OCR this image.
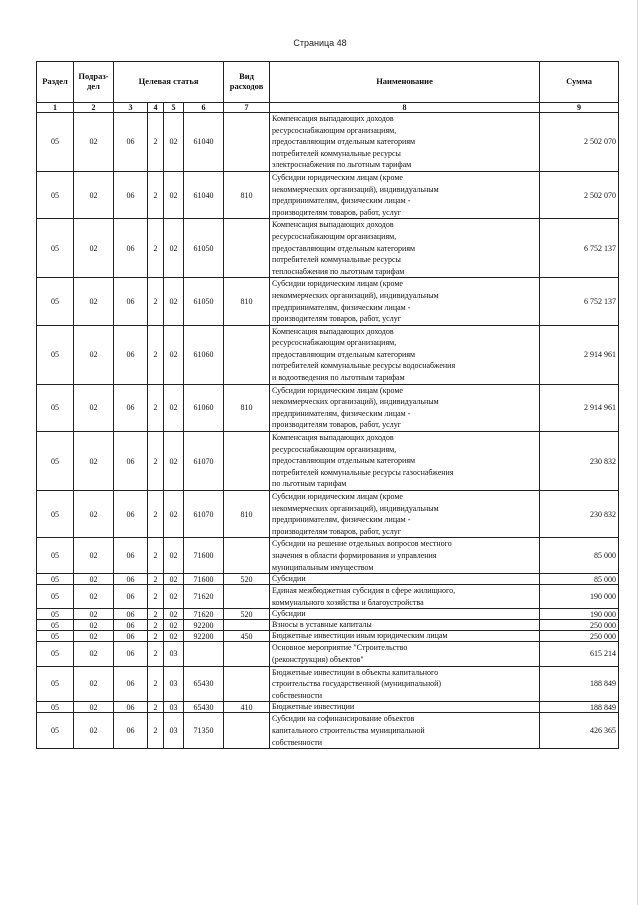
Страница 48
Раздел	Подраз-дел	Целевая статья				Вид расходов	Наименование	Сумма
1	2	3	4	5	6	7	8	9
05	02	06	2	02	61040		Компенсация выпадающих доходов
ресурсоснабжающим организациям,
предоставляющим отдельным категориям
потребителей коммунальные ресурсы
электроснабжения по льготным тарифам	2 502 070
05	02	06	2	02	61040	810	Субсидии юридическим лицам (кроме
некоммерческих организаций), индивидуальным
предпринимателям, физическим лицам -
производителям товаров, работ, услуг	2 502 070
05	02	06	2	02	61050		Компенсация выпадающих доходов
ресурсоснабжающим организациям,
предоставляющим отдельным категориям
потребителей коммунальные ресурсы
теплоснабжения по льготным тарифам	6 752 137
05	02	06	2	02	61050	810	Субсидии юридическим лицам (кроме
некоммерческих организаций), индивидуальным
предпринимателям, физическим лицам -
производителям товаров, работ, услуг	6 752 137
05	02	06	2	02	61060		Компенсация выпадающих доходов
ресурсоснабжающим организациям,
предоставляющим отдельным категориям
потребителей коммунальные ресурсы водоснабжения
и водоотведения по льготным тарифам	2 914 961
05	02	06	2	02	61060	810	Субсидии юридическим лицам (кроме
некоммерческих организаций), индивидуальным
предпринимателям, физическим лицам -
производителям товаров, работ, услуг	2 914 961
05	02	06	2	02	61070		Компенсация выпадающих доходов
ресурсоснабжающим организациям,
предоставляющим отдельным категориям
потребителей коммунальные ресурсы газоснабжения
по льготным тарифам	230 832
05	02	06	2	02	61070	810	Субсидии юридическим лицам (кроме
некоммерческих организаций), индивидуальным
предпринимателям, физическим лицам -
производителям товаров, работ, услуг	230 832
05	02	06	2	02	71600		Субсидии на решение отдельных вопросов местного
значения в области формирования и управления
муниципальным имуществом	85 000
05	02	06	2	02	71600	520	Субсидии	85 000
05	02	06	2	02	71620		Единая межбюджетная субсидия в сфере жилищного,
коммунального хозяйства и благоустройства	190 000
05	02	06	2	02	71620	520	Субсидии	190 000
05	02	06	2	02	92200		Взносы в уставные капиталы	250 000
05	02	06	2	02	92200	450	Бюджетные инвестиции иным юридическим лицам	250 000
05	02	06	2	03			Основное мероприятие "Строительство
(реконструкция) объектов"	615 214
05	02	06	2	03	65430		Бюджетные инвестиции в объекты капитального
строительства государственной (муниципальной)
собственности	188 849
05	02	06	2	03	65430	410	Бюджетные инвестиции	188 849
05	02	06	2	03	71350		Субсидии на софинансирование объектов
капитального строительства муниципальной
собственности	426 365
